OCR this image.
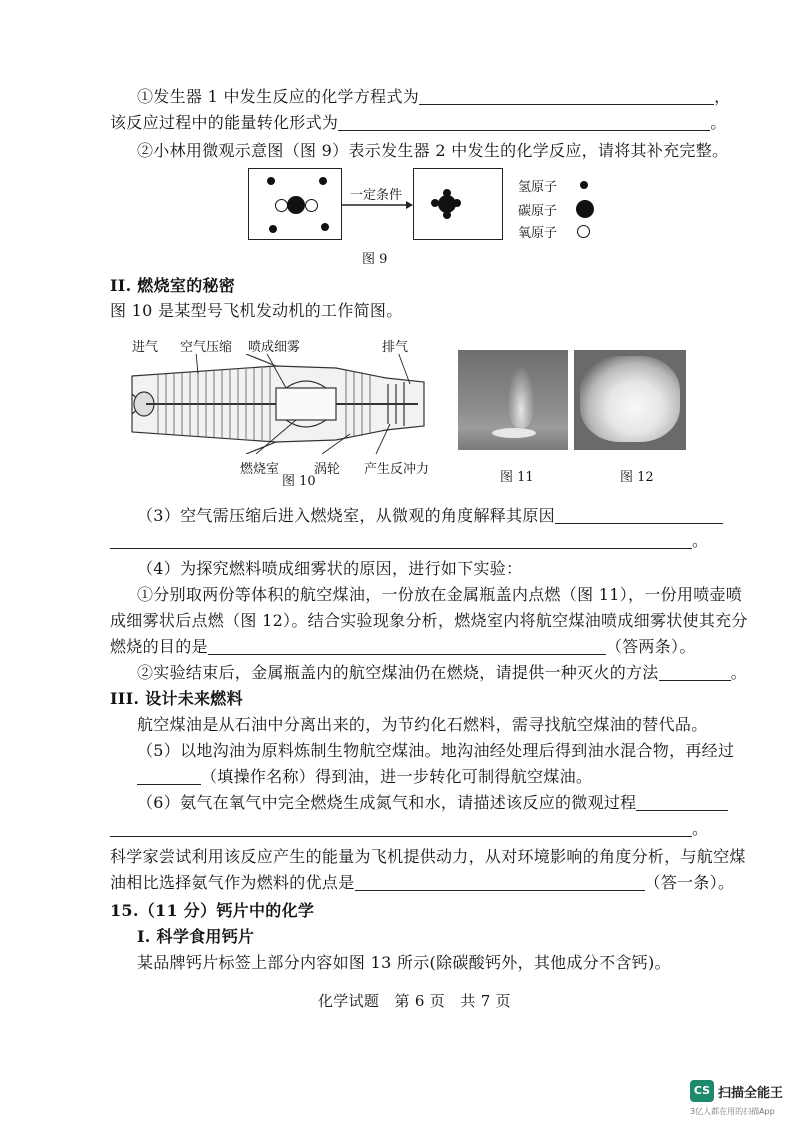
①发生器 1 中发生反应的化学方程式为	，
该反应过程中的能量转化形式为	。
②小林用微观示意图（图 9）表示发生器 2 中发生的化学反应，请将其补充完整。
一定条件
氢原子
碳原子
氧原子
图 9
II. 燃烧室的秘密
图 10 是某型号飞机发动机的工作简图。
进气 空气压缩 喷成细雾	排气
燃烧室	涡轮 产生反冲力
图 10	图 11	图 12
（3）空气需压缩后进入燃烧室，从微观的角度解释其原因
。
（4）为探究燃料喷成细雾状的原因，进行如下实验：
①分别取两份等体积的航空煤油，一份放在金属瓶盖内点燃（图 11），一份用喷壶喷
成细雾状后点燃（图 12）。结合实验现象分析，燃烧室内将航空煤油喷成细雾状使其充分
燃烧的目的是	（答两条）。
②实验结束后，金属瓶盖内的航空煤油仍在燃烧，请提供一种灭火的方法	。
III. 设计未来燃料
航空煤油是从石油中分离出来的，为节约化石燃料，需寻找航空煤油的替代品。
（5）以地沟油为原料炼制生物航空煤油。地沟油经处理后得到油水混合物，再经过
（填操作名称）得到油，进一步转化可制得航空煤油。
（6）氨气在氧气中完全燃烧生成氮气和水，请描述该反应的微观过程
。
科学家尝试利用该反应产生的能量为飞机提供动力，从对环境影响的角度分析，与航空煤
油相比选择氨气作为燃料的优点是	（答一条）。
15.（11 分）钙片中的化学
I. 科学食用钙片
某品牌钙片标签上部分内容如图 13 所示(除碳酸钙外，其他成分不含钙)。
化学试题　第 6 页　共 7 页
CS 扫描全能王
3亿人都在用的扫描App
